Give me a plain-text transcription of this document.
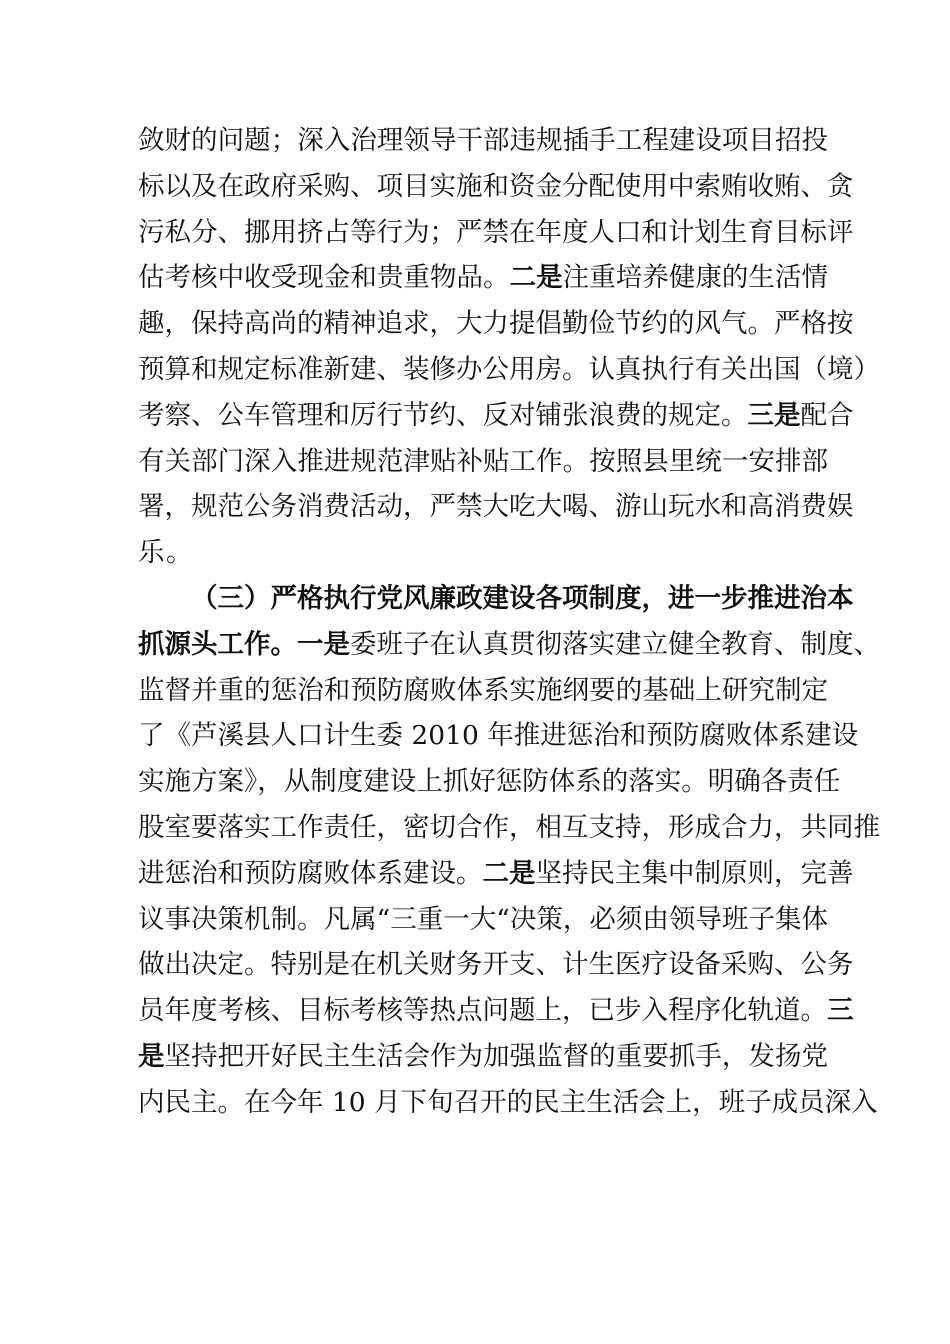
敛财的问题；深入治理领导干部违规插手工程建设项目招投
标以及在政府采购、项目实施和资金分配使用中索贿收贿、贪
污私分、挪用挤占等行为；严禁在年度人口和计划生育目标评
估考核中收受现金和贵重物品。二是注重培养健康的生活情
趣，保持高尚的精神追求，大力提倡勤俭节约的风气。严格按
预算和规定标准新建、装修办公用房。认真执行有关出国（境）
考察、公车管理和厉行节约、反对铺张浪费的规定。三是配合
有关部门深入推进规范津贴补贴工作。按照县里统一安排部
署，规范公务消费活动，严禁大吃大喝、游山玩水和高消费娱
乐。
（三）严格执行党风廉政建设各项制度，进一步推进治本
抓源头工作。一是委班子在认真贯彻落实建立健全教育、制度、
监督并重的惩治和预防腐败体系实施纲要的基础上研究制定
了《芦溪县人口计生委 2010 年推进惩治和预防腐败体系建设
实施方案》，从制度建设上抓好惩防体系的落实。明确各责任
股室要落实工作责任，密切合作，相互支持，形成合力，共同推
进惩治和预防腐败体系建设。二是坚持民主集中制原则，完善
议事决策机制。凡属“三重一大“决策，必须由领导班子集体
做出决定。特别是在机关财务开支、计生医疗设备采购、公务
员年度考核、目标考核等热点问题上，已步入程序化轨道。三
是坚持把开好民主生活会作为加强监督的重要抓手，发扬党
内民主。在今年 10 月下旬召开的民主生活会上，班子成员深入
